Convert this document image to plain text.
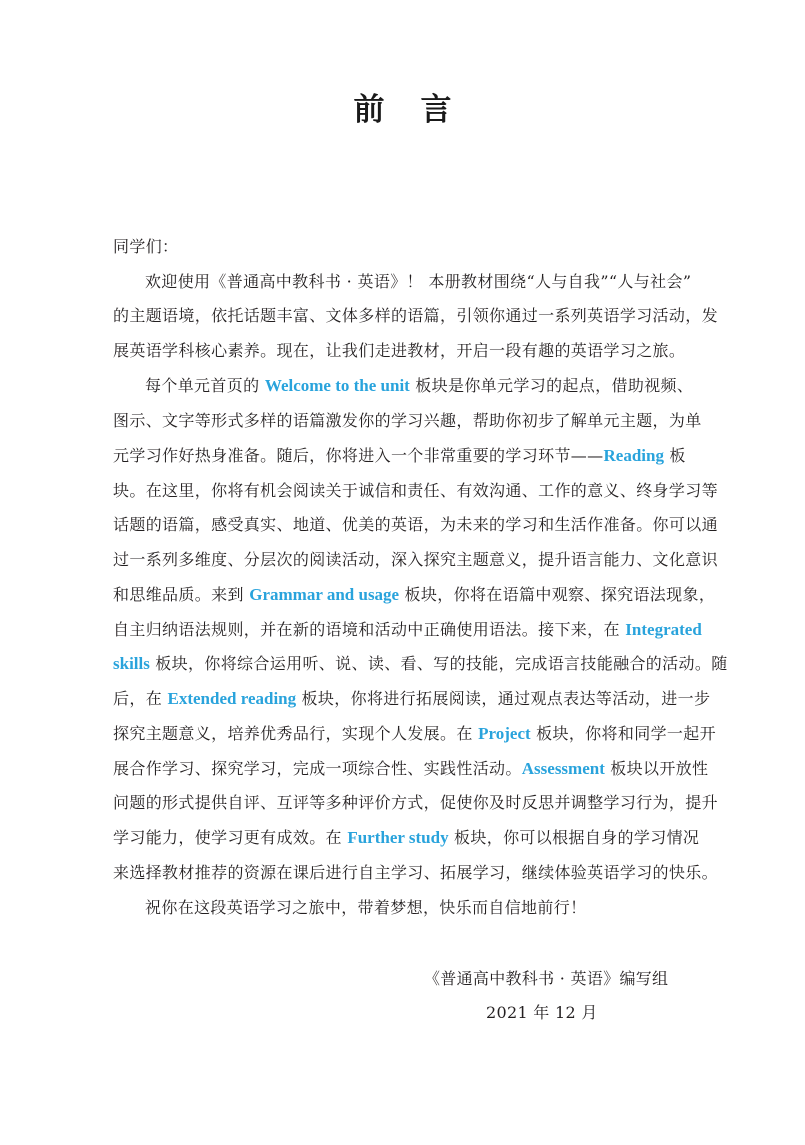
前言
同学们：
欢迎使用《普通高中教科书 · 英语》！ 本册教材围绕“人与自我”“人与社会”
的主题语境，依托话题丰富、文体多样的语篇，引领你通过一系列英语学习活动，发
展英语学科核心素养。现在，让我们走进教材，开启一段有趣的英语学习之旅。
每个单元首页的 Welcome to the unit 板块是你单元学习的起点，借助视频、
图示、文字等形式多样的语篇激发你的学习兴趣，帮助你初步了解单元主题，为单
元学习作好热身准备。随后，你将进入一个非常重要的学习环节——Reading 板
块。在这里，你将有机会阅读关于诚信和责任、有效沟通、工作的意义、终身学习等
话题的语篇，感受真实、地道、优美的英语，为未来的学习和生活作准备。你可以通
过一系列多维度、分层次的阅读活动，深入探究主题意义，提升语言能力、文化意识
和思维品质。来到 Grammar and usage 板块，你将在语篇中观察、探究语法现象，
自主归纳语法规则，并在新的语境和活动中正确使用语法。接下来，在 Integrated
skills 板块，你将综合运用听、说、读、看、写的技能，完成语言技能融合的活动。随
后，在 Extended reading 板块，你将进行拓展阅读，通过观点表达等活动，进一步
探究主题意义，培养优秀品行，实现个人发展。在 Project 板块，你将和同学一起开
展合作学习、探究学习，完成一项综合性、实践性活动。Assessment 板块以开放性
问题的形式提供自评、互评等多种评价方式，促使你及时反思并调整学习行为，提升
学习能力，使学习更有成效。在 Further study 板块，你可以根据自身的学习情况
来选择教材推荐的资源在课后进行自主学习、拓展学习，继续体验英语学习的快乐。
祝你在这段英语学习之旅中，带着梦想，快乐而自信地前行！
《普通高中教科书 · 英语》编写组
2021 年 12 月
